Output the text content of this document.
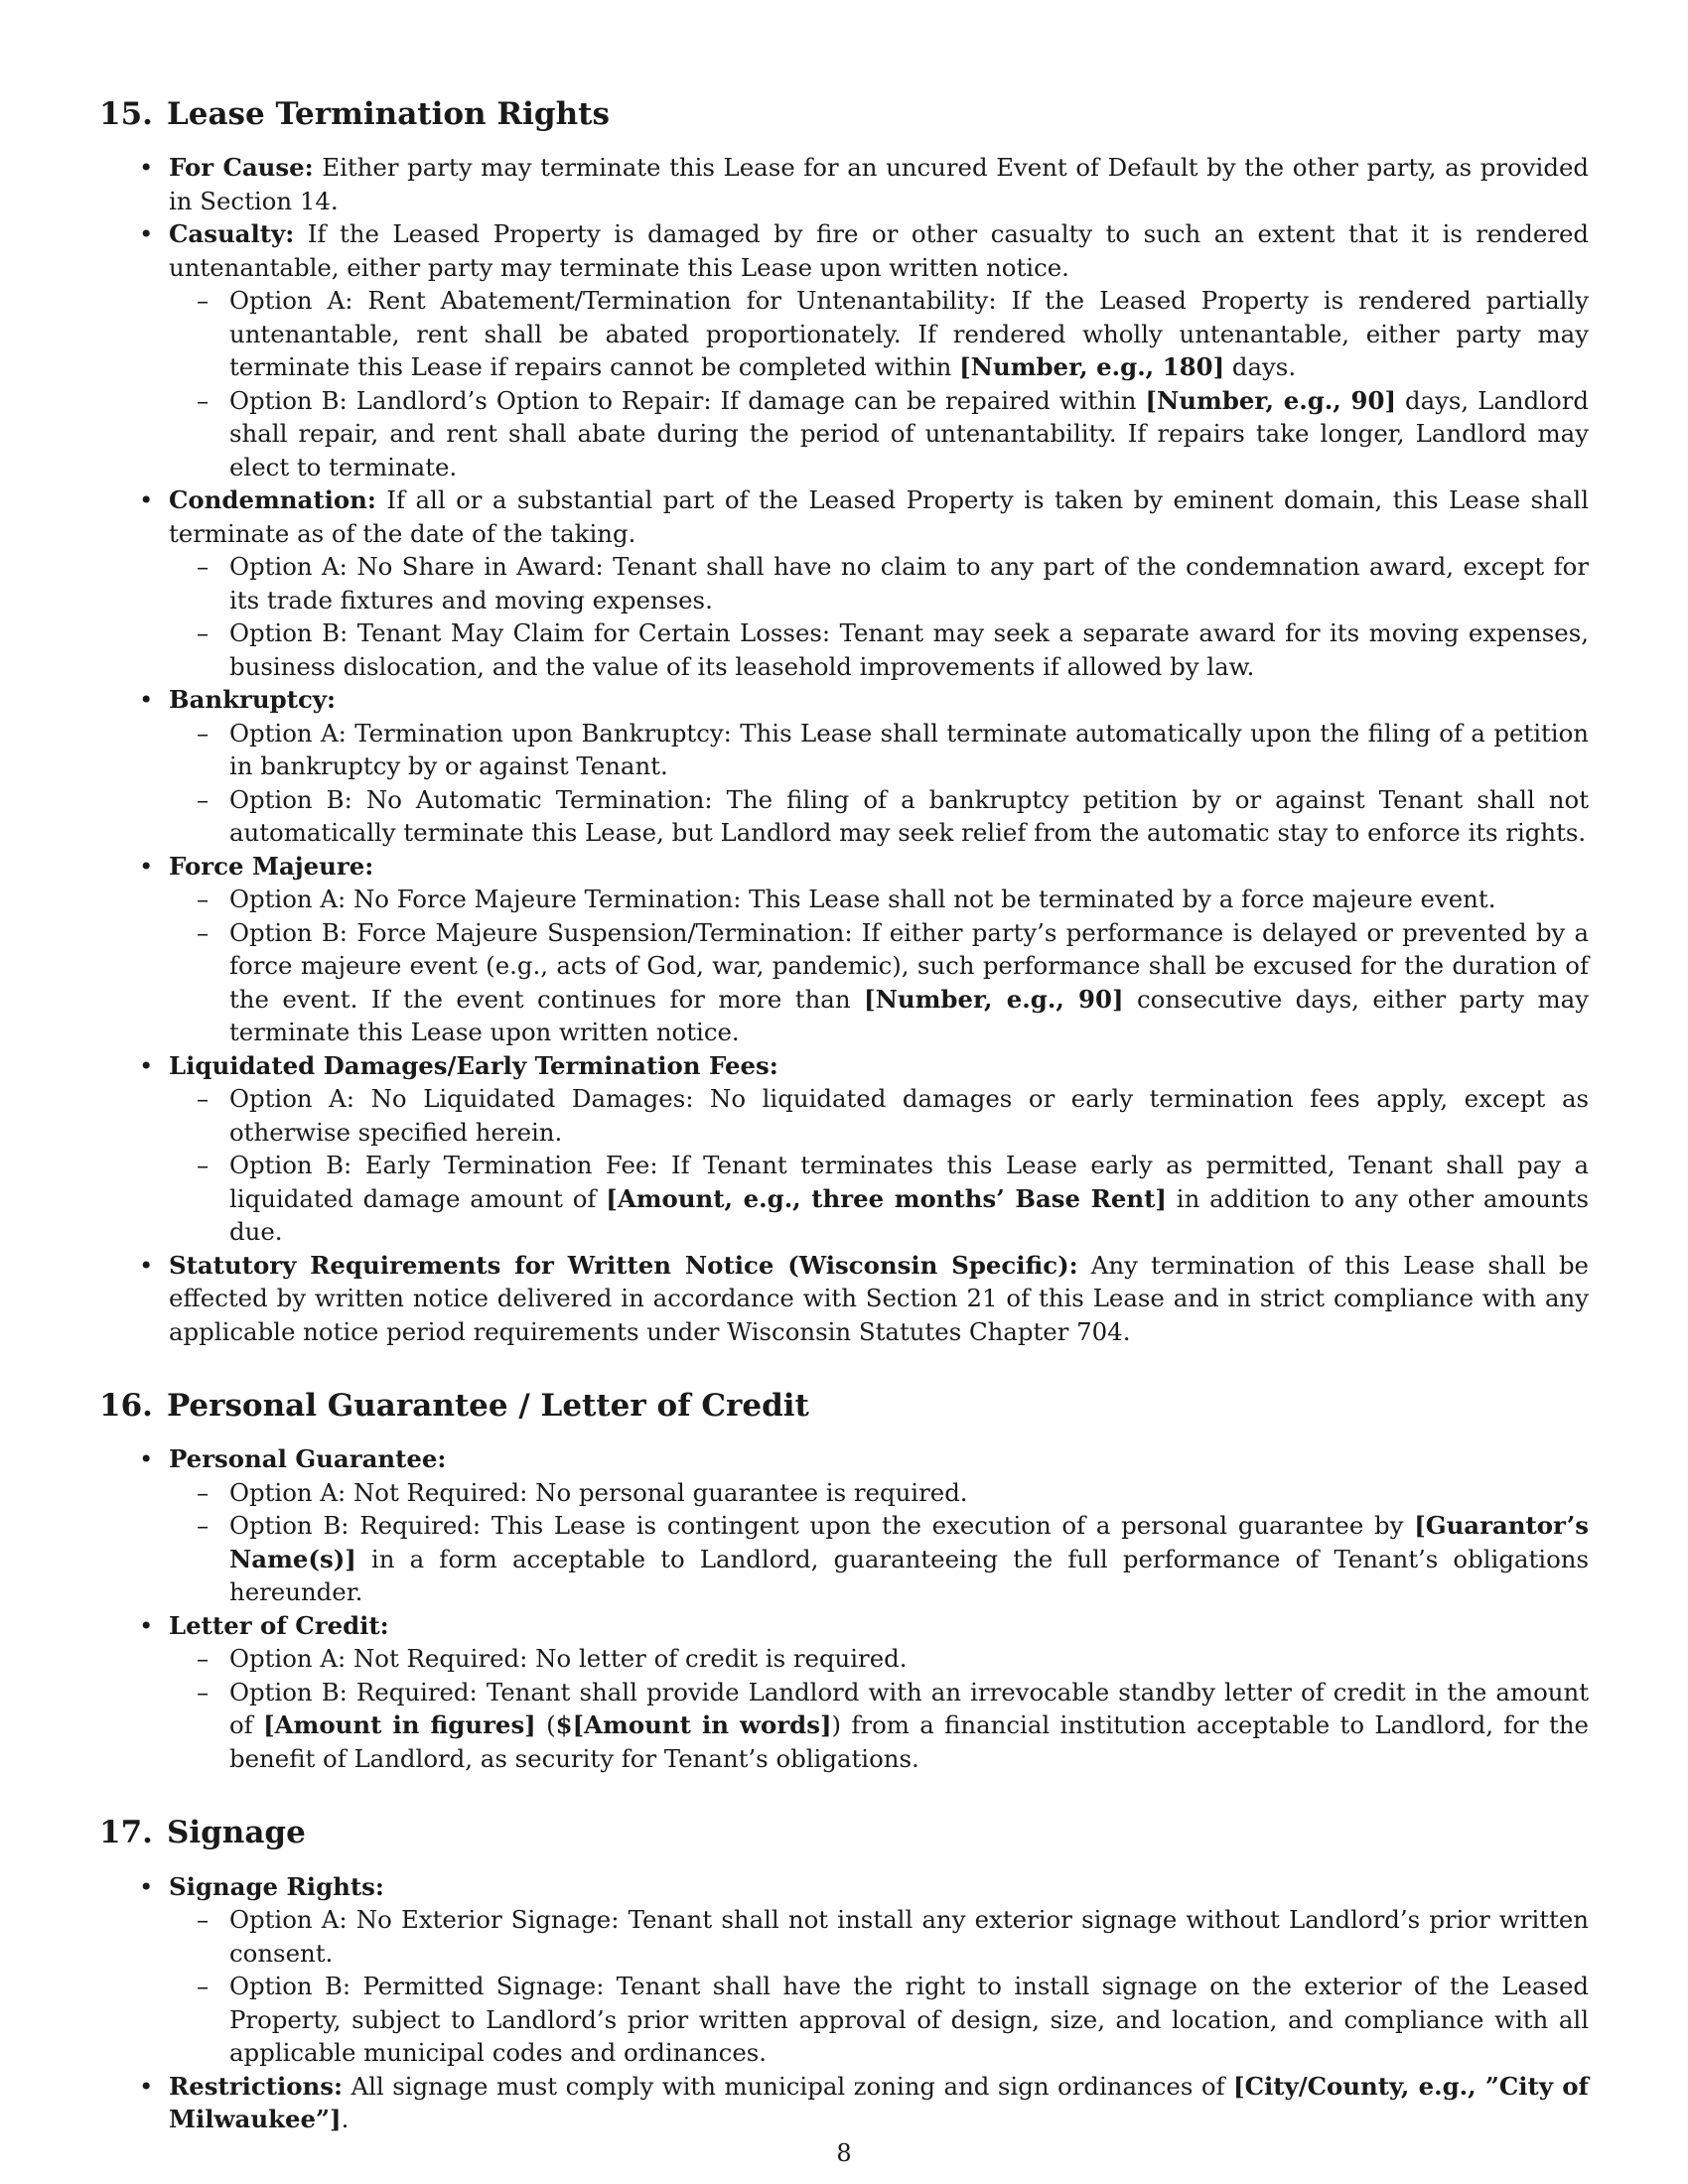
15. Lease Termination Rights
• For Cause: Either party may terminate this Lease for an uncured Event of Default by the other party, as provided in Section 14.
• Casualty: If the Leased Property is damaged by fire or other casualty to such an extent that it is rendered untenantable, either party may terminate this Lease upon written notice.
– Option A: Rent Abatement/Termination for Untenantability: If the Leased Property is rendered partially untenantable, rent shall be abated proportionately. If rendered wholly untenantable, either party may terminate this Lease if repairs cannot be completed within [Number, e.g., 180] days.
– Option B: Landlord’s Option to Repair: If damage can be repaired within [Number, e.g., 90] days, Landlord shall repair, and rent shall abate during the period of untenantability. If repairs take longer, Landlord may elect to terminate.
• Condemnation: If all or a substantial part of the Leased Property is taken by eminent domain, this Lease shall terminate as of the date of the taking.
– Option A: No Share in Award: Tenant shall have no claim to any part of the condemnation award, except for its trade fixtures and moving expenses.
– Option B: Tenant May Claim for Certain Losses: Tenant may seek a separate award for its moving expenses, business dislocation, and the value of its leasehold improvements if allowed by law.
• Bankruptcy:
– Option A: Termination upon Bankruptcy: This Lease shall terminate automatically upon the filing of a petition in bankruptcy by or against Tenant.
– Option B: No Automatic Termination: The filing of a bankruptcy petition by or against Tenant shall not automatically terminate this Lease, but Landlord may seek relief from the automatic stay to enforce its rights.
• Force Majeure:
– Option A: No Force Majeure Termination: This Lease shall not be terminated by a force majeure event.
– Option B: Force Majeure Suspension/Termination: If either party’s performance is delayed or prevented by a force majeure event (e.g., acts of God, war, pandemic), such performance shall be excused for the duration of the event. If the event continues for more than [Number, e.g., 90] consecutive days, either party may terminate this Lease upon written notice.
• Liquidated Damages/Early Termination Fees:
– Option A: No Liquidated Damages: No liquidated damages or early termination fees apply, except as otherwise specified herein.
– Option B: Early Termination Fee: If Tenant terminates this Lease early as permitted, Tenant shall pay a liquidated damage amount of [Amount, e.g., three months’ Base Rent] in addition to any other amounts due.
• Statutory Requirements for Written Notice (Wisconsin Specific): Any termination of this Lease shall be effected by written notice delivered in accordance with Section 21 of this Lease and in strict compliance with any applicable notice period requirements under Wisconsin Statutes Chapter 704.
16. Personal Guarantee / Letter of Credit
• Personal Guarantee:
– Option A: Not Required: No personal guarantee is required.
– Option B: Required: This Lease is contingent upon the execution of a personal guarantee by [Guarantor’s Name(s)] in a form acceptable to Landlord, guaranteeing the full performance of Tenant’s obligations hereunder.
• Letter of Credit:
– Option A: Not Required: No letter of credit is required.
– Option B: Required: Tenant shall provide Landlord with an irrevocable standby letter of credit in the amount of [Amount in figures] ($[Amount in words]) from a financial institution acceptable to Landlord, for the benefit of Landlord, as security for Tenant’s obligations.
17. Signage
• Signage Rights:
– Option A: No Exterior Signage: Tenant shall not install any exterior signage without Landlord’s prior written consent.
– Option B: Permitted Signage: Tenant shall have the right to install signage on the exterior of the Leased Property, subject to Landlord’s prior written approval of design, size, and location, and compliance with all applicable municipal codes and ordinances.
• Restrictions: All signage must comply with municipal zoning and sign ordinances of [City/County, e.g., ”City of Milwaukee”].
8
